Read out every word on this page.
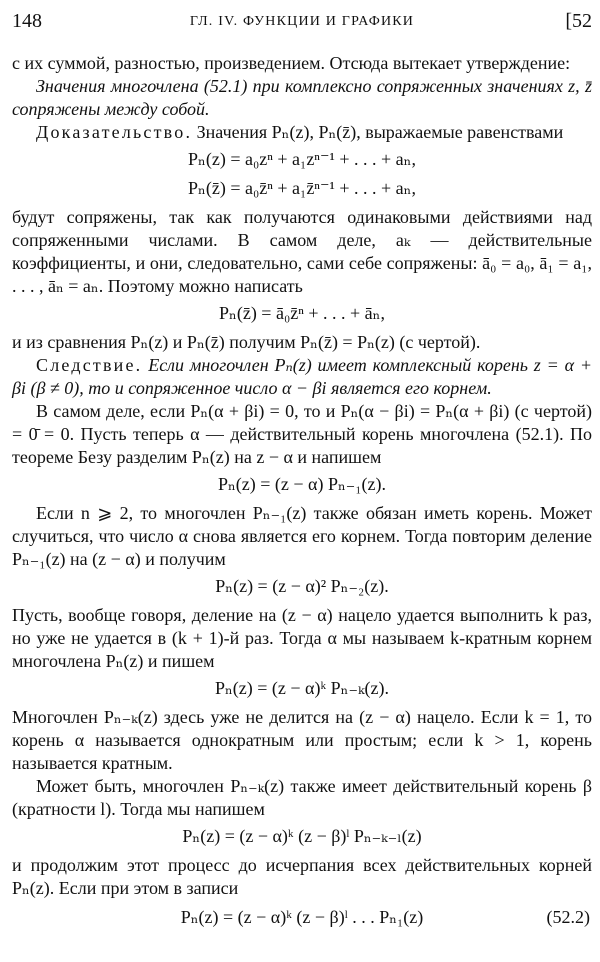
148	ГЛ. IV. ФУНКЦИИ И ГРАФИКИ	[52

с их суммой, разностью, произведением. Отсюда вытекает утверждение:

Значения многочлена (52.1) при комплексно сопряженных значениях z, z̄ сопряжены между собой.

Доказательство. Значения Pₙ(z), Pₙ(z̄), выражаемые равенствами

Pₙ(z) = a₀zⁿ + a₁zⁿ⁻¹ + . . . + aₙ,
Pₙ(z̄) = a₀z̄ⁿ + a₁z̄ⁿ⁻¹ + . . . + aₙ,

будут сопряжены, так как получаются одинаковыми действиями над сопряженными числами. В самом деле, aₖ — действительные коэффициенты, и они, следовательно, сами себе сопряжены: ā₀ = a₀, ā₁ = a₁, . . . , āₙ = aₙ. Поэтому можно написать

Pₙ(z̄) = ā₀z̄ⁿ + . . . + āₙ,

и из сравнения Pₙ(z) и Pₙ(z̄) получим Pₙ(z̄) = Pₙ(z) (с чертой).

Следствие. Если многочлен Pₙ(z) имеет комплексный корень z = α + βi (β ≠ 0), то и сопряженное число α − βi является его корнем.

В самом деле, если Pₙ(α + βi) = 0, то и Pₙ(α − βi) = Pₙ(α + βi) (с чертой) = 0̄ = 0. Пусть теперь α — действительный корень многочлена (52.1). По теореме Безу разделим Pₙ(z) на z − α и напишем

Pₙ(z) = (z − α) Pₙ₋₁(z).

Если n ⩾ 2, то многочлен Pₙ₋₁(z) также обязан иметь корень. Может случиться, что число α снова является его корнем. Тогда повторим деление Pₙ₋₁(z) на (z − α) и получим

Pₙ(z) = (z − α)² Pₙ₋₂(z).

Пусть, вообще говоря, деление на (z − α) нацело удается выполнить k раз, но уже не удается в (k + 1)-й раз. Тогда α мы называем k-кратным корнем многочлена Pₙ(z) и пишем

Pₙ(z) = (z − α)ᵏ Pₙ₋ₖ(z).

Многочлен Pₙ₋ₖ(z) здесь уже не делится на (z − α) нацело. Если k = 1, то корень α называется однократным или простым; если k > 1, корень называется кратным.

Может быть, многочлен Pₙ₋ₖ(z) также имеет действительный корень β (кратности l). Тогда мы напишем

Pₙ(z) = (z − α)ᵏ (z − β)ˡ Pₙ₋ₖ₋ₗ(z)

и продолжим этот процесс до исчерпания всех действительных корней Pₙ(z). Если при этом в записи

Pₙ(z) = (z − α)ᵏ (z − β)ˡ . . . Pₙ₁(z)	(52.2)
